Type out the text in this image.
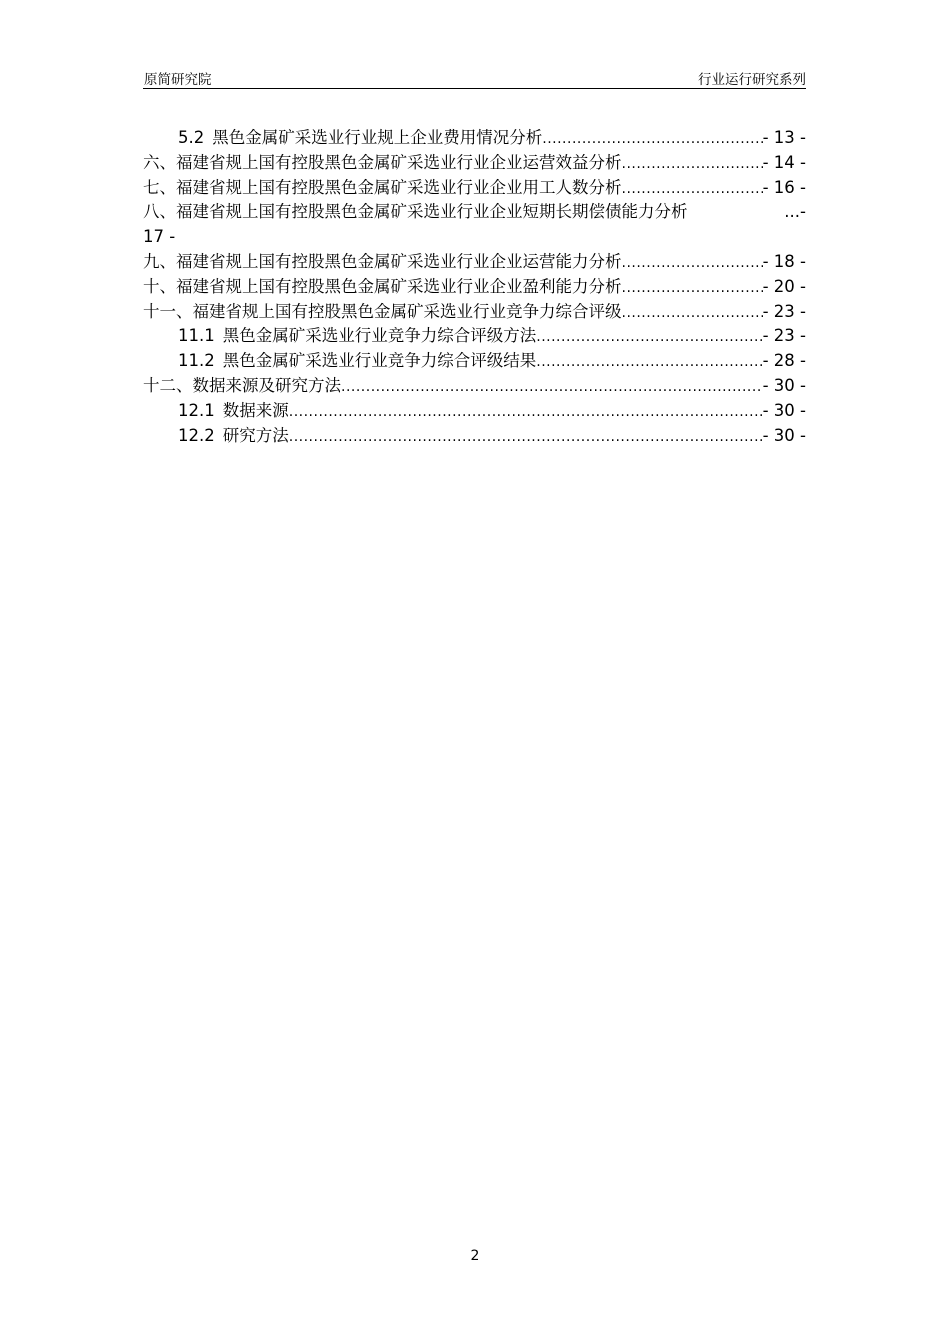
原简研究院	行业运行研究系列
5.2 黑色金属矿采选业行业规上企业费用情况分析 .....	- 13 -
六、福建省规上国有控股黑色金属矿采选业行业企业运营效益分析 .....	- 14 -
七、福建省规上国有控股黑色金属矿采选业行业企业用工人数分析 .....	- 16 -
八、福建省规上国有控股黑色金属矿采选业行业企业短期长期偿债能力分析	...-
17 -
九、福建省规上国有控股黑色金属矿采选业行业企业运营能力分析 .....	- 18 -
十、福建省规上国有控股黑色金属矿采选业行业企业盈利能力分析 .....	- 20 -
十一、福建省规上国有控股黑色金属矿采选业行业竞争力综合评级 .....	- 23 -
11.1 黑色金属矿采选业行业竞争力综合评级方法 .....	- 23 -
11.2 黑色金属矿采选业行业竞争力综合评级结果 .....	- 28 -
十二、数据来源及研究方法 .....	- 30 -
12.1 数据来源 .....	- 30 -
12.2 研究方法 .....	- 30 -
2
